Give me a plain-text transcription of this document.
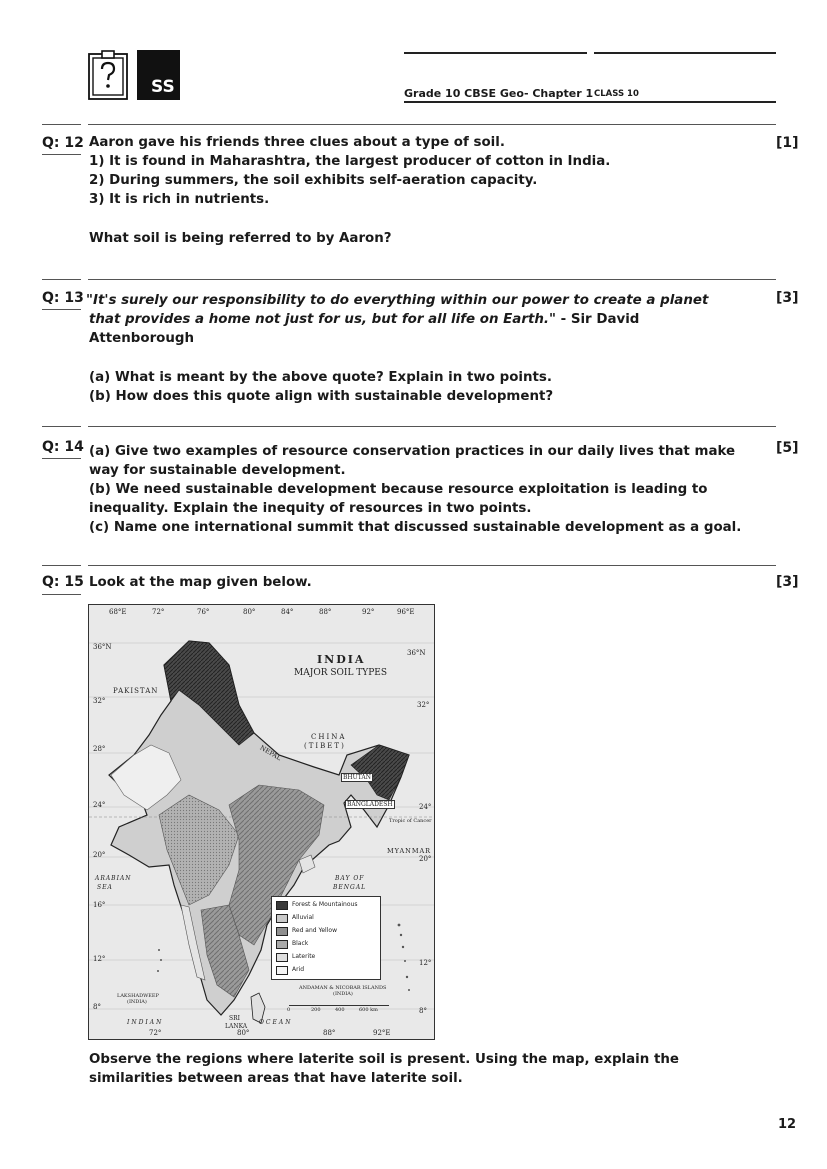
SS	Grade 10 CBSE Geo- Chapter 1 CLASS 10
Q: 12	[1]
Aaron gave his friends three clues about a type of soil.
1) It is found in Maharashtra, the largest producer of cotton in India.
2) During summers, the soil exhibits self-aeration capacity.
3) It is rich in nutrients.
What soil is being referred to by Aaron?
Q: 13	[3]
"It's surely our responsibility to do everything within our power to create a planet
that provides a home not just for us, but for all life on Earth." - Sir David
Attenborough
(a) What is meant by the above quote? Explain in two points.
(b) How does this quote align with sustainable development?
Q: 14	[5]
(a) Give two examples of resource conservation practices in our daily lives that make
way for sustainable development.
(b) We need sustainable development because resource exploitation is leading to
inequality. Explain the inequity of resources in two points.
(c) Name one international summit that discussed sustainable development as a goal.
Q: 15	[3]
Look at the map given below.
68°E	72°	76°	80°	84°	88°	92°	96°E
36°N
32°
28°
24°
20°
16°
12°
8°
36°N
32°
24°
20°
12°
8°
INDIA
MAJOR SOIL TYPES
PAKISTAN
CHINA
(TIBET)
NEPAL
BHUTAN
BANGLADESH
Tropic of Cancer
MYANMAR
ARABIAN
SEA
BAY OF
BENGAL
LAKSHADWEEP
(INDIA)
ANDAMAN & NICOBAR ISLANDS
(INDIA)
INDIAN	OCEAN
SRI
LANKA
72°	80°	88°	92°E
0	200	400	600 km
Forest & Mountainous
Alluvial
Red and Yellow
Black
Laterite
Arid
Observe the regions where laterite soil is present. Using the map, explain the
similarities between areas that have laterite soil.
12
